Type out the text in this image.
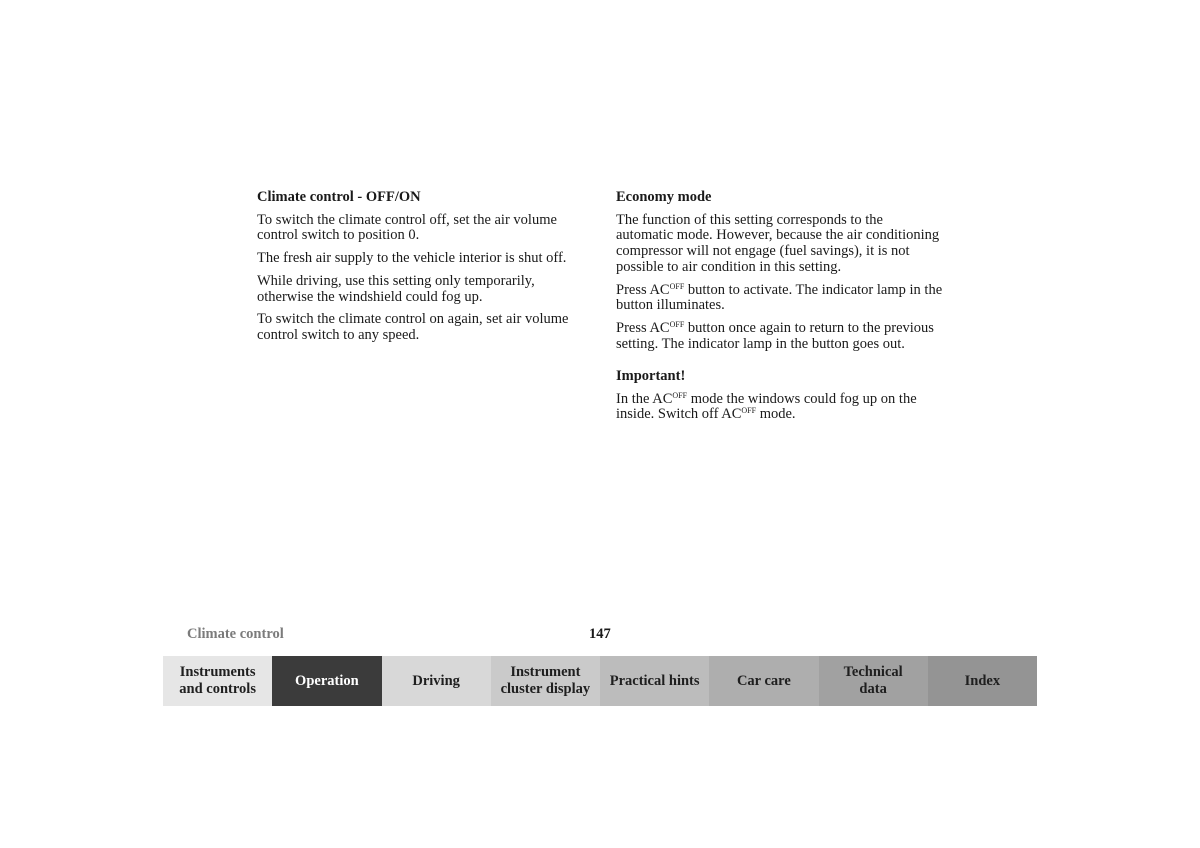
Climate control - OFF/ON
To switch the climate control off, set the air volume
control switch to position 0.
The fresh air supply to the vehicle interior is shut off.
While driving, use this setting only temporarily,
otherwise the windshield could fog up.
To switch the climate control on again, set air volume
control switch to any speed.
Economy mode
The function of this setting corresponds to the
automatic mode. However, because the air conditioning
compressor will not engage (fuel savings), it is not
possible to air condition in this setting.
Press $AC^{OFF}$ button to activate. The indicator lamp in the
button illuminates.
Press $AC^{OFF}$ button once again to return to the previous
setting. The indicator lamp in the button goes out.
Important!
In the $AC^{OFF}$ mode the windows could fog up on the
inside. Switch off $AC^{OFF}$ mode.
Climate control	147
Instruments
and controls
Operation	Driving
Instrument
cluster display
Practical hints	Car care
Technical
data
Index
